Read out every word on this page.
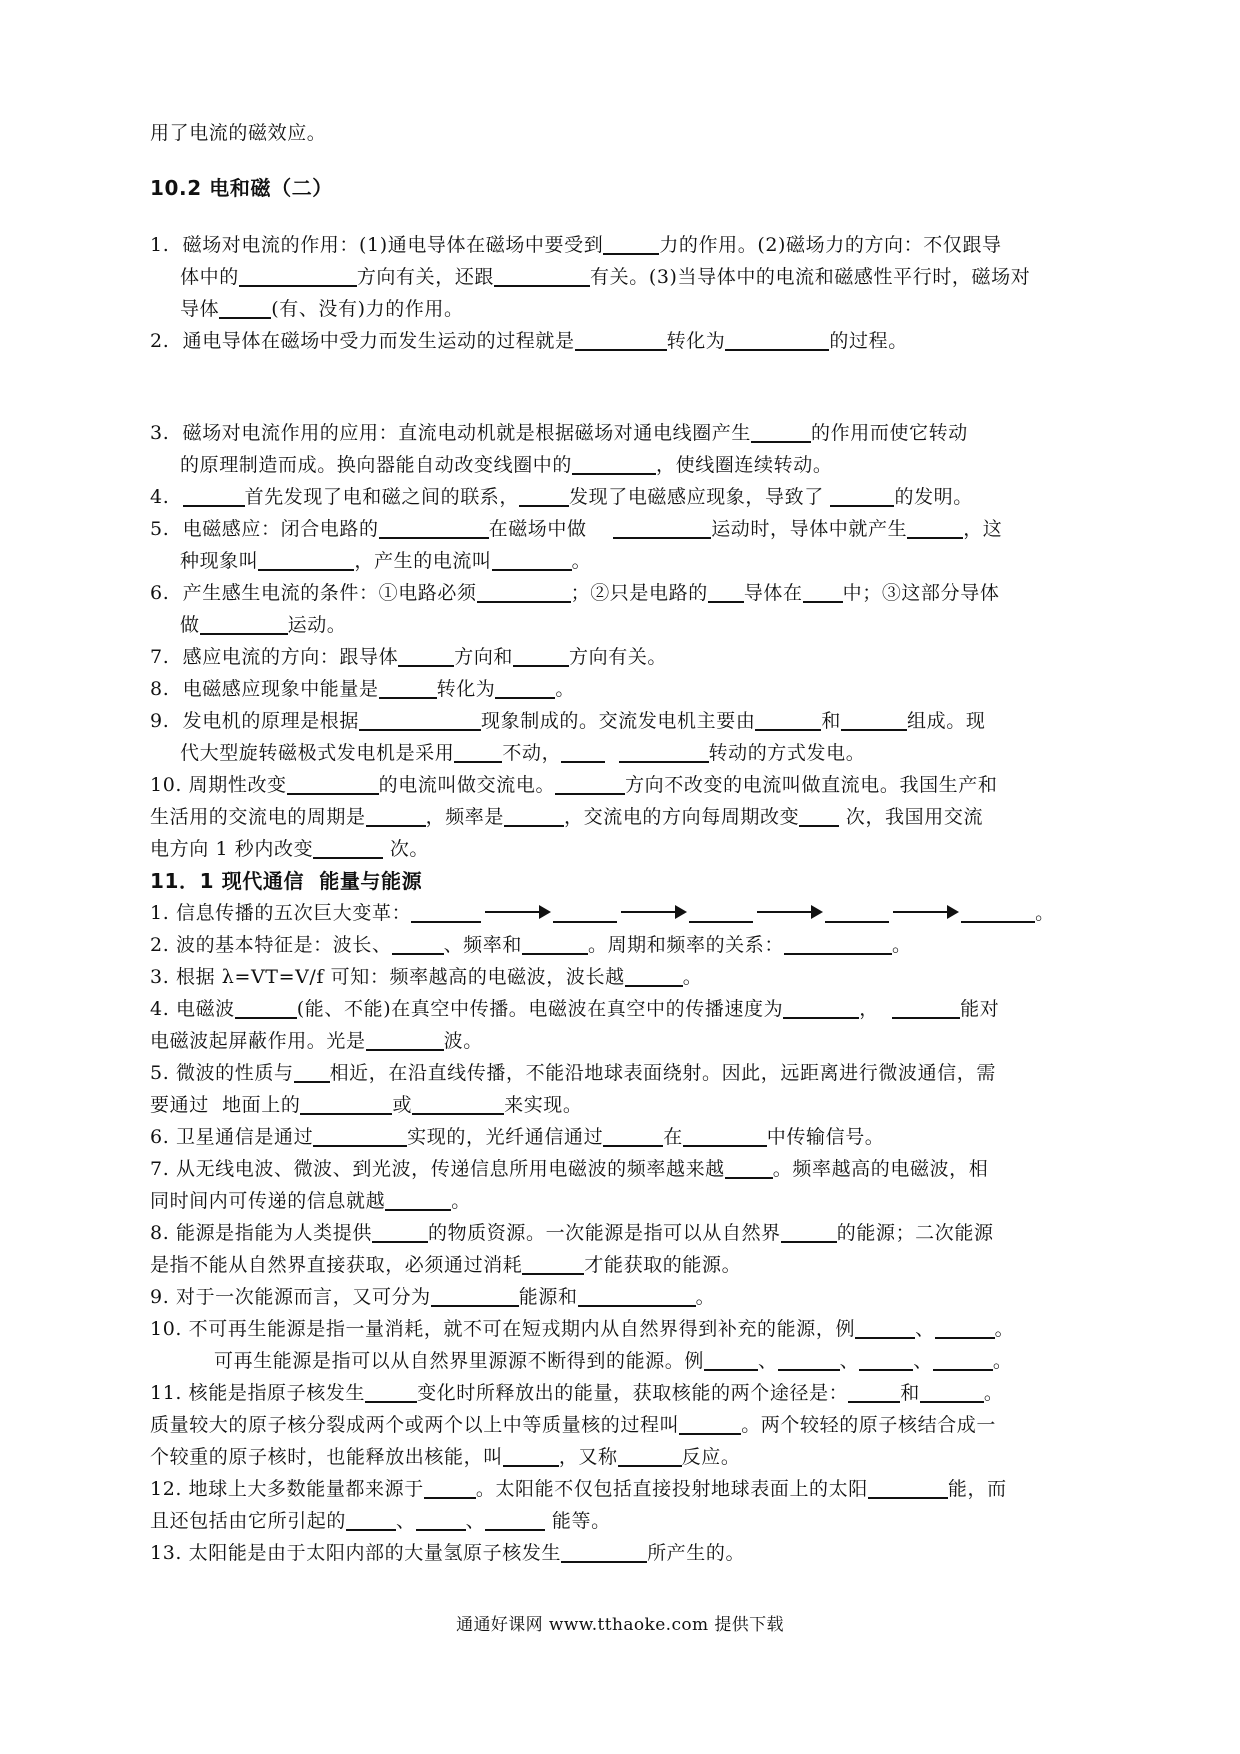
用了电流的磁效应。
10.2 电和磁（二）
1.  磁场对电流的作用：(1)通电导体在磁场中要受到	力的作用。(2)磁场力的方向：不仅跟导
体中的	方向有关，还跟	有关。(3)当导体中的电流和磁感性平行时，磁场对
导体	(有、没有)力的作用。
2.  通电导体在磁场中受力而发生运动的过程就是	转化为	的过程。
3.  磁场对电流作用的应用：直流电动机就是根据磁场对通电线圈产生	的作用而使它转动
的原理制造而成。换向器能自动改变线圈中的	，使线圈连续转动。
4.	首先发现了电和磁之间的联系，	发现了电磁感应现象，导致了	的发明。
5.  电磁感应：闭合电路的	在磁场中做	运动时，导体中就产生	，这
种现象叫	，产生的电流叫	。
6.  产生感生电流的条件：①电路必须	；②只是电路的 导体在 中；③这部分导体
做	运动。
7.  感应电流的方向：跟导体	方向和	方向有关。
8.  电磁感应现象中能量是	转化为	。
9.  发电机的原理是根据	现象制成的。交流发电机主要由	和	组成。现
代大型旋转磁极式发电机是采用	不动，	转动的方式发电。
10. 周期性改变	的电流叫做交流电。	方向不改变的电流叫做直流电。我国生产和
生活用的交流电的周期是	，频率是	，交流电的方向每周期改变 次，我国用交流
电方向 1 秒内改变	次。
11．1 现代通信  能量与能源
1. 信息传播的五次巨大变革：	。
2. 波的基本特征是：波长、	、频率和	。周期和频率的关系：	。
3. 根据 λ=VT=V/f 可知：频率越高的电磁波，波长越	。
4. 电磁波	(能、不能)在真空中传播。电磁波在真空中的传播速度为	，	能对
电磁波起屏蔽作用。光是	波。
5. 微波的性质与 相近，在沿直线传播，不能沿地球表面绕射。因此，远距离进行微波通信，需
要通过  地面上的	或	来实现。
6. 卫星通信是通过	实现的，光纤通信通过	在	中传输信号。
7. 从无线电波、微波、到光波，传递信息所用电磁波的频率越来越	。频率越高的电磁波，相
同时间内可传递的信息就越	。
8. 能源是指能为人类提供	的物质资源。一次能源是指可以从自然界	的能源；二次能源
是指不能从自然界直接获取，必须通过消耗	才能获取的能源。
9. 对于一次能源而言，又可分为	能源和	。
10. 不可再生能源是指一量消耗，就不可在短戎期内从自然界得到补充的能源，例	、	。
可再生能源是指可以从自然界里源源不断得到的能源。例	、	、	、	。
11. 核能是指原子核发生	变化时所释放出的能量，获取核能的两个途径是：	和	。
质量较大的原子核分裂成两个或两个以上中等质量核的过程叫	。两个较轻的原子核结合成一
个较重的原子核时，也能释放出核能，叫	，又称	反应。
12. 地球上大多数能量都来源于	。太阳能不仅包括直接投射地球表面上的太阳	能，而
且还包括由它所引起的	、	、	能等。
13. 太阳能是由于太阳内部的大量氢原子核发生	所产生的。
通通好课网 www.tthaoke.com 提供下载
